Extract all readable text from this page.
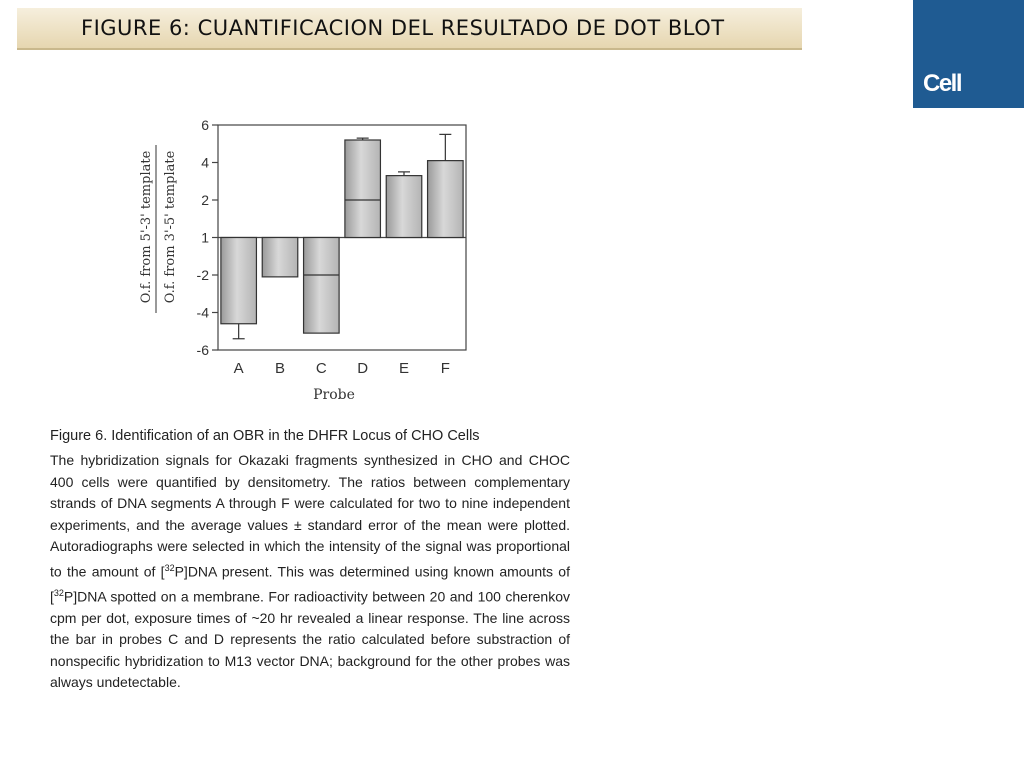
FIGURE 6: CUANTIFICACION DEL RESULTADO DE DOT BLOT
Cell
O.f. from 5'-3' template O.f. from 3'-5' template
6
4
2
1
-2
-4
-6
A B C D E F
Probe

Figure 6. Identification of an OBR in the DHFR Locus of CHO Cells

The hybridization signals for Okazaki fragments synthesized in CHO and CHOC 400 cells were quantified by densitometry. The ratios between complementary strands of DNA segments A through F were calculated for two to nine independent experiments, and the average values ± standard error of the mean were plotted. Autoradiographs were selected in which the intensity of the signal was proportional to the amount of [$^{32}$P]DNA present. This was determined using known amounts of [$^{32}$P]DNA spotted on a membrane. For radioactivity between 20 and 100 cherenkov cpm per dot, exposure times of ~20 hr revealed a linear response. The line across the bar in probes C and D represents the ratio calculated before substraction of nonspecific hybridization to M13 vector DNA; background for the other probes was always undetectable.
